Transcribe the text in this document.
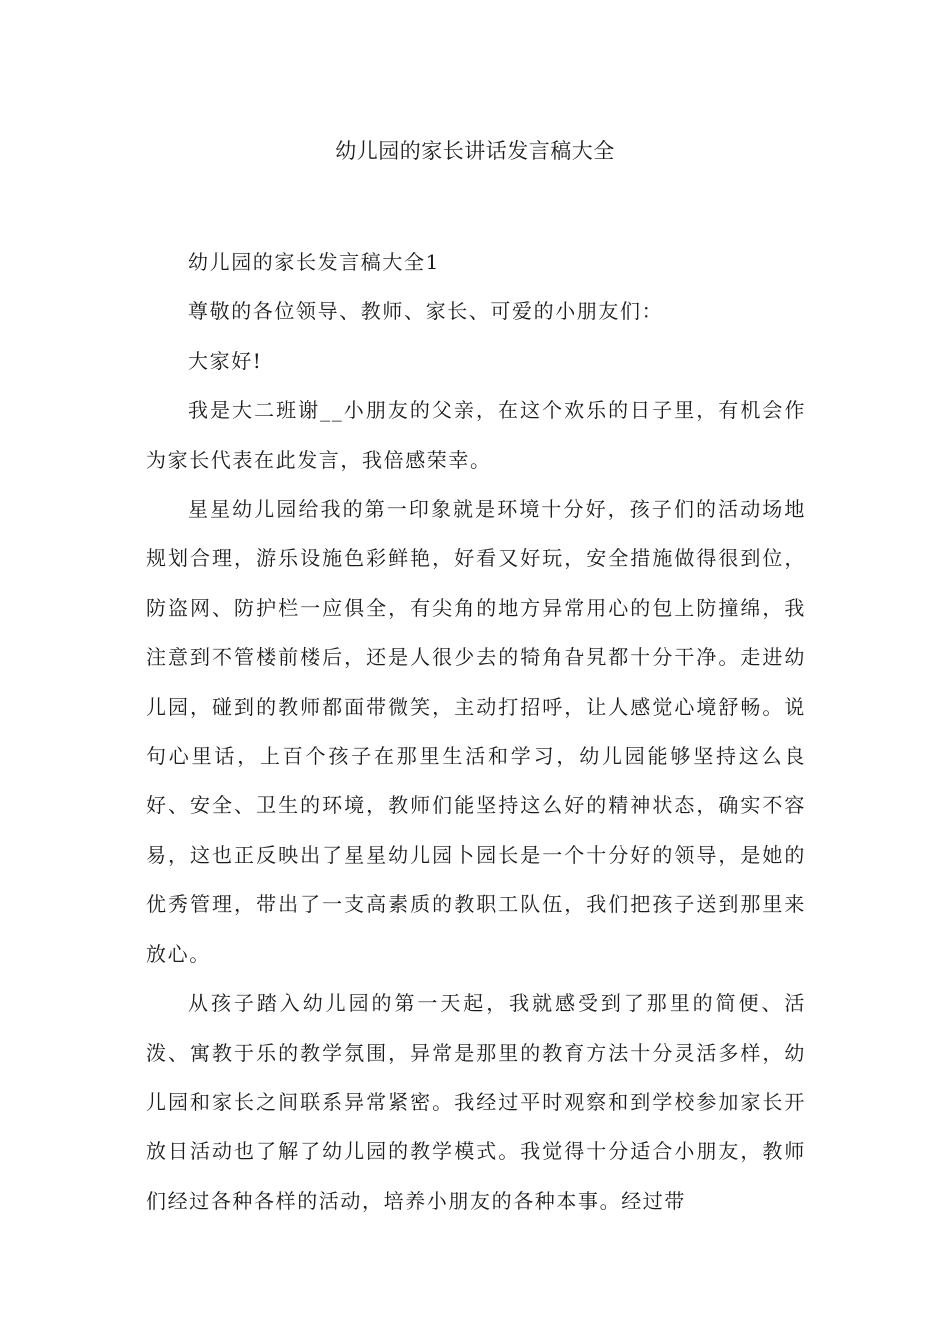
幼儿园的家长讲话发言稿大全

幼儿园的家长发言稿大全1

尊敬的各位领导、教师、家长、可爱的小朋友们：

大家好!

我是大二班谢__小朋友的父亲，在这个欢乐的日子里，有机会作为家长代表在此发言，我倍感荣幸。

星星幼儿园给我的第一印象就是环境十分好，孩子们的活动场地规划合理，游乐设施色彩鲜艳，好看又好玩，安全措施做得很到位，防盗网、防护栏一应俱全，有尖角的地方异常用心的包上防撞绵，我注意到不管楼前楼后，还是人很少去的犄角旮旯都十分干净。走进幼儿园，碰到的教师都面带微笑，主动打招呼，让人感觉心境舒畅。说句心里话，上百个孩子在那里生活和学习，幼儿园能够坚持这么良好、安全、卫生的环境，教师们能坚持这么好的精神状态，确实不容易，这也正反映出了星星幼儿园卜园长是一个十分好的领导，是她的优秀管理，带出了一支高素质的教职工队伍，我们把孩子送到那里来放心。

从孩子踏入幼儿园的第一天起，我就感受到了那里的简便、活泼、寓教于乐的教学氛围，异常是那里的教育方法十分灵活多样，幼儿园和家长之间联系异常紧密。我经过平时观察和到学校参加家长开放日活动也了解了幼儿园的教学模式。我觉得十分适合小朋友，教师们经过各种各样的活动，培养小朋友的各种本事。经过带
